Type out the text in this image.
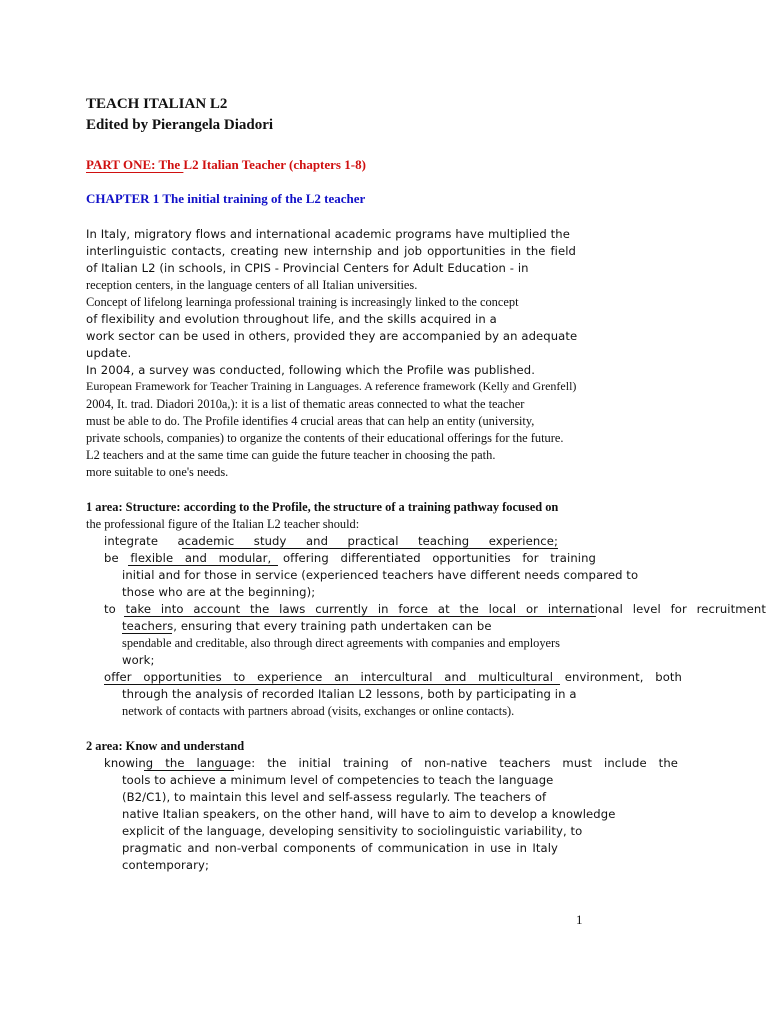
TEACH ITALIAN L2
Edited by Pierangela Diadori
PART ONE: The L2 Italian Teacher (chapters 1-8)
CHAPTER 1 The initial training of the L2 teacher
In Italy, migratory flows and international academic programs have multiplied the
interlinguistic contacts, creating new internship and job opportunities in the field
of Italian L2 (in schools, in CPIS - Provincial Centers for Adult Education - in
reception centers, in the language centers of all Italian universities.
Concept of lifelong learninga professional training is increasingly linked to the concept
of flexibility and evolution throughout life, and the skills acquired in a
work sector can be used in others, provided they are accompanied by an adequate
update.
In 2004, a survey was conducted, following which the Profile was published.
European Framework for Teacher Training in Languages. A reference framework (Kelly and Grenfell)
2004, It. trad. Diadori 2010a,): it is a list of thematic areas connected to what the teacher
must be able to do. The Profile identifies 4 crucial areas that can help an entity (university,
private schools, companies) to organize the contents of their educational offerings for the future.
L2 teachers and at the same time can guide the future teacher in choosing the path.
more suitable to one's needs.
1 area: Structure: according to the Profile, the structure of a training pathway focused on
the professional figure of the Italian L2 teacher should:
integrate academic study and practical teaching experience;
be flexible and modular, offering differentiated opportunities for training
initial and for those in service (experienced teachers have different needs compared to
those who are at the beginning);
to take into account the laws currently in force at the local or international level for recruitment
teachers, ensuring that every training path undertaken can be
spendable and creditable, also through direct agreements with companies and employers
work;
offer opportunities to experience an intercultural and multicultural environment, both
through the analysis of recorded Italian L2 lessons, both by participating in a
network of contacts with partners abroad (visits, exchanges or online contacts).
2 area: Know and understand
knowing the language: the initial training of non-native teachers must include the
tools to achieve a minimum level of competencies to teach the language
(B2/C1), to maintain this level and self-assess regularly. The teachers of
native Italian speakers, on the other hand, will have to aim to develop a knowledge
explicit of the language, developing sensitivity to sociolinguistic variability, to
pragmatic and non-verbal components of communication in use in Italy
contemporary;
1
